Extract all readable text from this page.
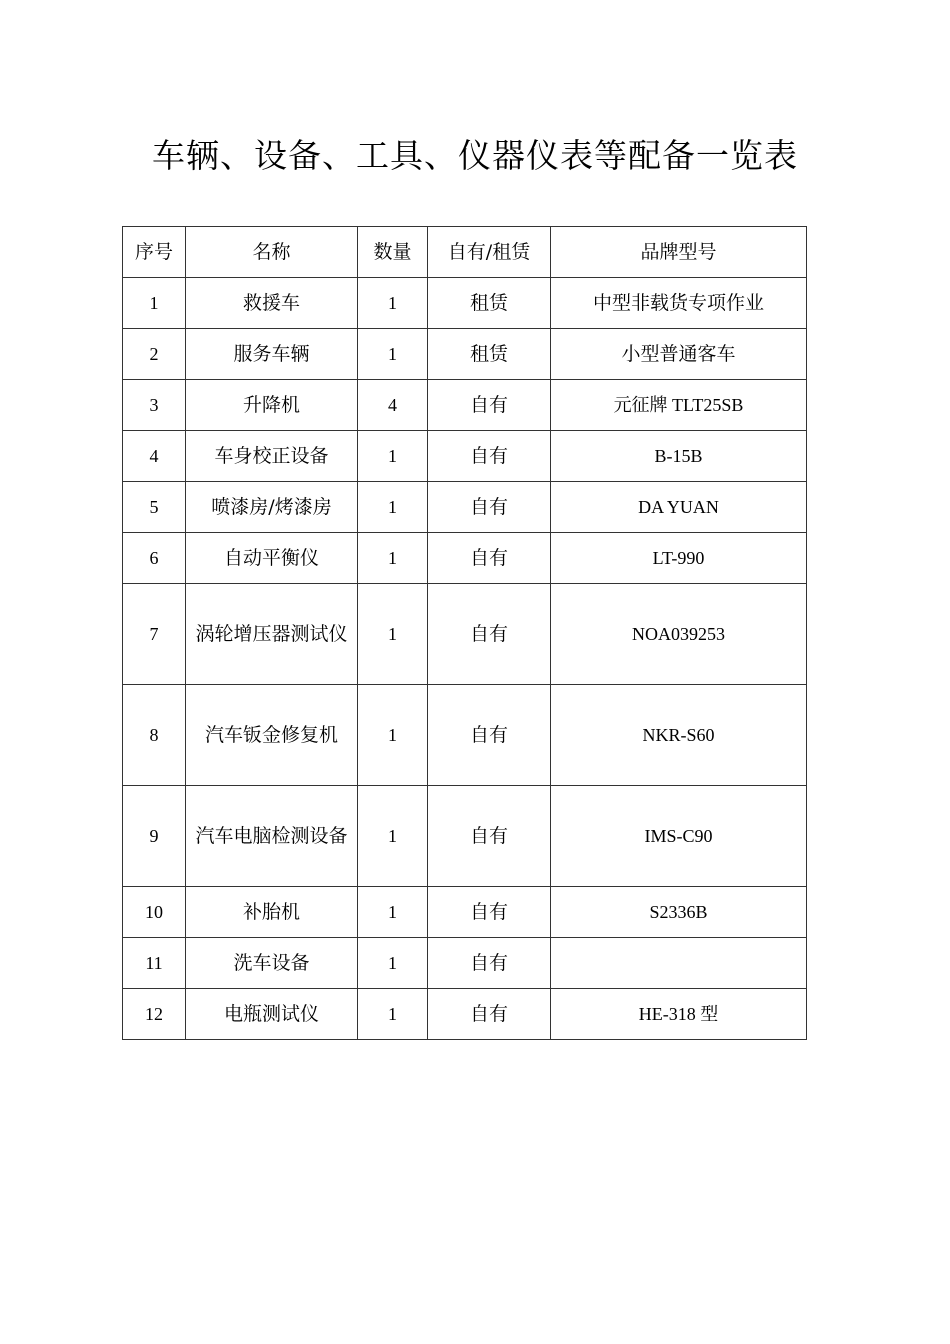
车辆、设备、工具、仪器仪表等配备一览表
序号	名称	数量	自有/租赁	品牌型号
1	救援车	1	租赁	中型非载货专项作业
2	服务车辆	1	租赁	小型普通客车
3	升降机	4	自有	元征牌 TLT25SB
4	车身校正设备	1	自有	B-15B
5	喷漆房/烤漆房	1	自有	DA YUAN
6	自动平衡仪	1	自有	LT-990
7	涡轮增压器测试仪	1	自有	NOA039253
8	汽车钣金修复机	1	自有	NKR-S60
9	汽车电脑检测设备	1	自有	IMS-C90
10	补胎机	1	自有	S2336B
11	洗车设备	1	自有	
12	电瓶测试仪	1	自有	HE-318 型
